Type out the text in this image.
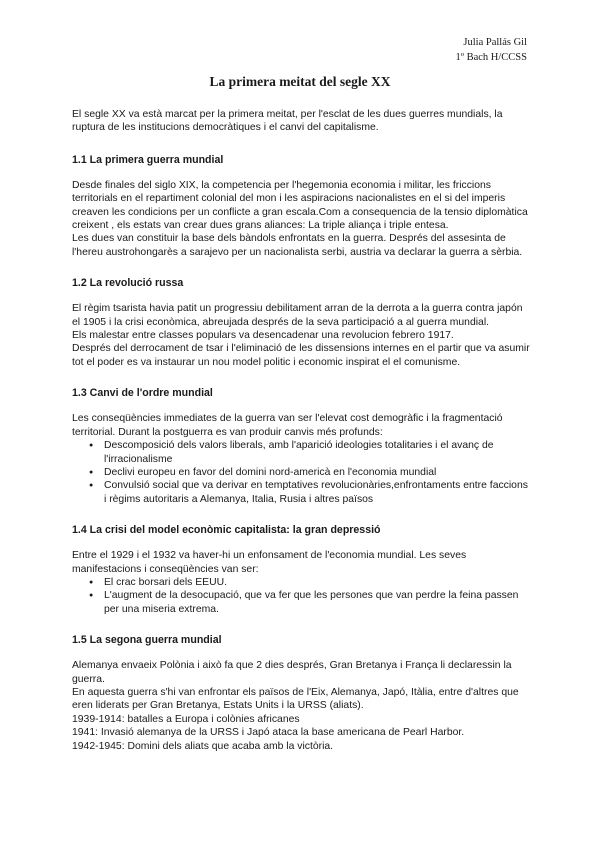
Julia Pallás Gil
1º Bach H/CCSS
La primera meitat del segle XX

El segle XX va està marcat per la primera meitat, per l'esclat de les dues guerres mundials, la ruptura de les institucions democràtiques i el canvi del capitalisme.

1.1 La primera guerra mundial

Desde finales del siglo XIX, la competencia per l'hegemonia economia i militar, les friccions territorials en el repartiment colonial del mon i les aspiracions nacionalistes en el si del imperis creaven les condicions per un conflicte a gran escala.Com a consequencia de la tensio diplomàtica creixent , els estats van crear dues grans aliances: La triple aliança i triple entesa.

Les dues van constituir la base dels bàndols enfrontats en la guerra. Després del assesinta de l'hereu austrohongarès a sarajevo per un nacionalista serbi, austria va declarar la guerra a sèrbia.

1.2 La revolució russa

El règim tsarista havia patit un progressiu debilitament arran de la derrota a la guerra contra japón el 1905 i la crisi econòmica, abreujada després de la seva participació a al guerra mundial.

Els malestar entre classes populars va desencadenar una revolucion febrero 1917.

Després del derrocament de tsar i l'eliminació de les dissensions internes en el partir que va asumir tot el poder es va instaurar un nou model politic i economic inspirat el el comunisme.

1.3 Canvi de l'ordre mundial

Les conseqüències immediates de la guerra van ser l'elevat cost demogràfic i la fragmentació territorial. Durant la postguerra es van produir canvis més profunds:

● Descomposició dels valors liberals, amb l'aparició ideologies totalitaries i el avanç de l'irracionalisme
● Declivi europeu en favor del domini nord-americà en l'economia mundial
● Convulsió social que va derivar en temptatives revolucionàries,enfrontaments entre faccions i règims autoritaris a Alemanya, Italia, Rusia i altres països
1.4 La crisi del model econòmic capitalista: la gran depressió

Entre el 1929 i el 1932 va haver-hi un enfonsament de l'economia mundial. Les seves manifestacions i conseqüències van ser:

● El crac borsari dels EEUU.
● L'augment de la desocupació, que va fer que les persones que van perdre la feina passen per una miseria extrema.
1.5 La segona guerra mundial

Alemanya envaeix Polònia i això fa que 2 dies després, Gran Bretanya i França li declaressin la guerra.

En aquesta guerra s'hi van enfrontar els països de l'Eix, Alemanya, Japó, Itàlia, entre d'altres que eren liderats per Gran Bretanya, Estats Units i la URSS (aliats).

1939-1914: batalles a Europa i colònies africanes

1941: Invasió alemanya de la URSS i Japó ataca la base americana de Pearl Harbor.

1942-1945: Domini dels aliats que acaba amb la victòria.
